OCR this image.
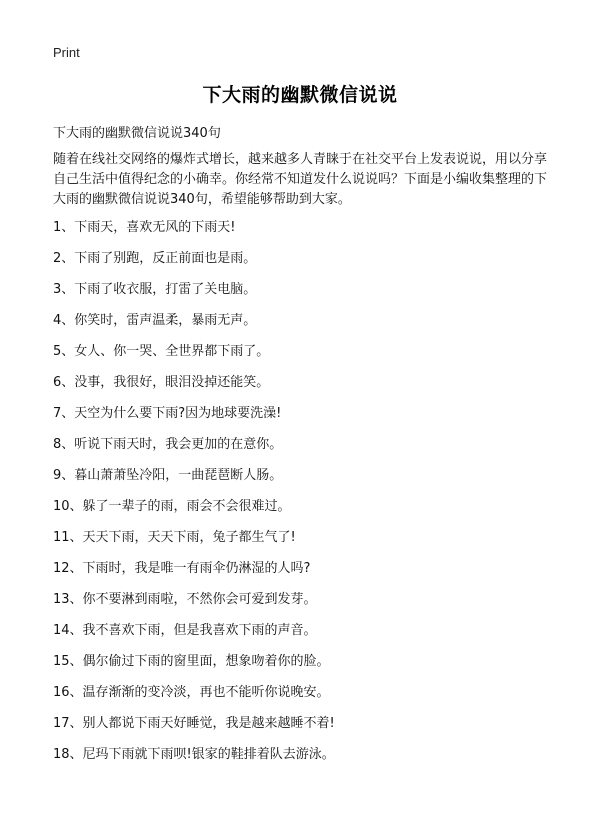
Print
下大雨的幽默微信说说
下大雨的幽默微信说说340句

随着在线社交网络的爆炸式增长，越来越多人青睐于在社交平台上发表说说，用以分享自己生活中值得纪念的小确幸。你经常不知道发什么说说吗？下面是小编收集整理的下大雨的幽默微信说说340句，希望能够帮助到大家。

1、下雨天，喜欢无风的下雨天!
2、下雨了别跑，反正前面也是雨。
3、下雨了收衣服，打雷了关电脑。
4、你笑时，雷声温柔，暴雨无声。
5、女人、你一哭、全世界都下雨了。
6、没事，我很好，眼泪没掉还能笑。
7、天空为什么要下雨?因为地球要洗澡!
8、听说下雨天时，我会更加的在意你。
9、暮山萧萧坠冷阳，一曲琵琶断人肠。
10、躲了一辈子的雨，雨会不会很难过。
11、天天下雨，天天下雨，兔子都生气了!
12、下雨时，我是唯一有雨伞仍淋湿的人吗?
13、你不要淋到雨啦，不然你会可爱到发芽。
14、我不喜欢下雨，但是我喜欢下雨的声音。
15、偶尔偷过下雨的窗里面，想象吻着你的脸。
16、温存渐渐的变冷淡，再也不能听你说晚安。
17、别人都说下雨天好睡觉，我是越来越睡不着!
18、尼玛下雨就下雨呗!银家的鞋排着队去游泳。
